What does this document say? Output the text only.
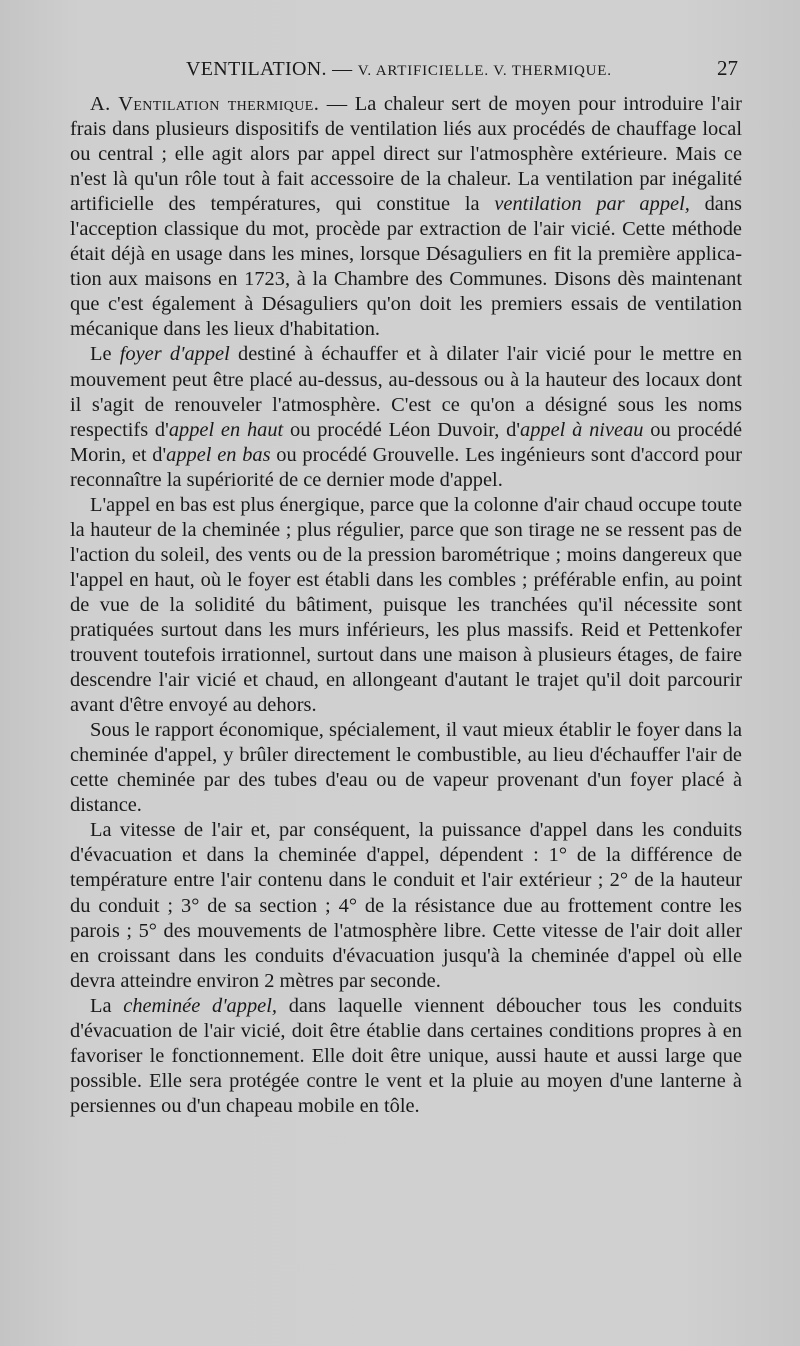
VENTILATION. — V. ARTIFICIELLE. V. THERMIQUE.	27

A. Ventilation thermique. — La chaleur sert de moyen pour introduire l'air frais dans plusieurs dispositifs de ventilation liés aux procédés de chauffage local ou central ; elle agit alors par appel direct sur l'atmosphère extérieure. Mais ce n'est là qu'un rôle tout à fait accessoire de la chaleur. La ventilation par inégalité artificielle des températures, qui constitue la ventilation par appel, dans l'acception classique du mot, procède par extraction de l'air vicié. Cette méthode était déjà en usage dans les mines, lorsque Désaguliers en fit la première application aux maisons en 1723, à la Chambre des Communes. Disons dès maintenant que c'est également à Désaguliers qu'on doit les premiers essais de ventilation mécanique dans les lieux d'habitation.

Le foyer d'appel destiné à échauffer et à dilater l'air vicié pour le mettre en mouvement peut être placé au-dessus, au-dessous ou à la hauteur des locaux dont il s'agit de renouveler l'atmosphère. C'est ce qu'on a désigné sous les noms respectifs d'appel en haut ou procédé Léon Duvoir, d'appel à niveau ou procédé Morin, et d'appel en bas ou procédé Grouvelle. Les ingénieurs sont d'accord pour reconnaître la supériorité de ce dernier mode d'appel.

L'appel en bas est plus énergique, parce que la colonne d'air chaud occupe toute la hauteur de la cheminée ; plus régulier, parce que son tirage ne se ressent pas de l'action du soleil, des vents ou de la pression barométrique ; moins dangereux que l'appel en haut, où le foyer est établi dans les combles ; préférable enfin, au point de vue de la solidité du bâtiment, puisque les tranchées qu'il nécessite sont pratiquées surtout dans les murs inférieurs, les plus massifs. Reid et Pettenkofer trouvent toutefois irrationnel, surtout dans une maison à plusieurs étages, de faire descendre l'air vicié et chaud, en allongeant d'autant le trajet qu'il doit parcourir avant d'être envoyé au dehors.

Sous le rapport économique, spécialement, il vaut mieux établir le foyer dans la cheminée d'appel, y brûler directement le combustible, au lieu d'échauffer l'air de cette cheminée par des tubes d'eau ou de vapeur provenant d'un foyer placé à distance.

La vitesse de l'air et, par conséquent, la puissance d'appel dans les conduits d'évacuation et dans la cheminée d'appel, dépendent : 1° de la différence de température entre l'air contenu dans le conduit et l'air extérieur ; 2° de la hauteur du conduit ; 3° de sa section ; 4° de la résistance due au frottement contre les parois ; 5° des mouvements de l'atmosphère libre. Cette vitesse de l'air doit aller en croissant dans les conduits d'évacuation jusqu'à la cheminée d'appel où elle devra atteindre environ 2 mètres par seconde.

La cheminée d'appel, dans laquelle viennent déboucher tous les conduits d'évacuation de l'air vicié, doit être établie dans certaines conditions propres à en favoriser le fonctionnement. Elle doit être unique, aussi haute et aussi large que possible. Elle sera protégée contre le vent et la pluie au moyen d'une lanterne à persiennes ou d'un chapeau mobile en tôle.
